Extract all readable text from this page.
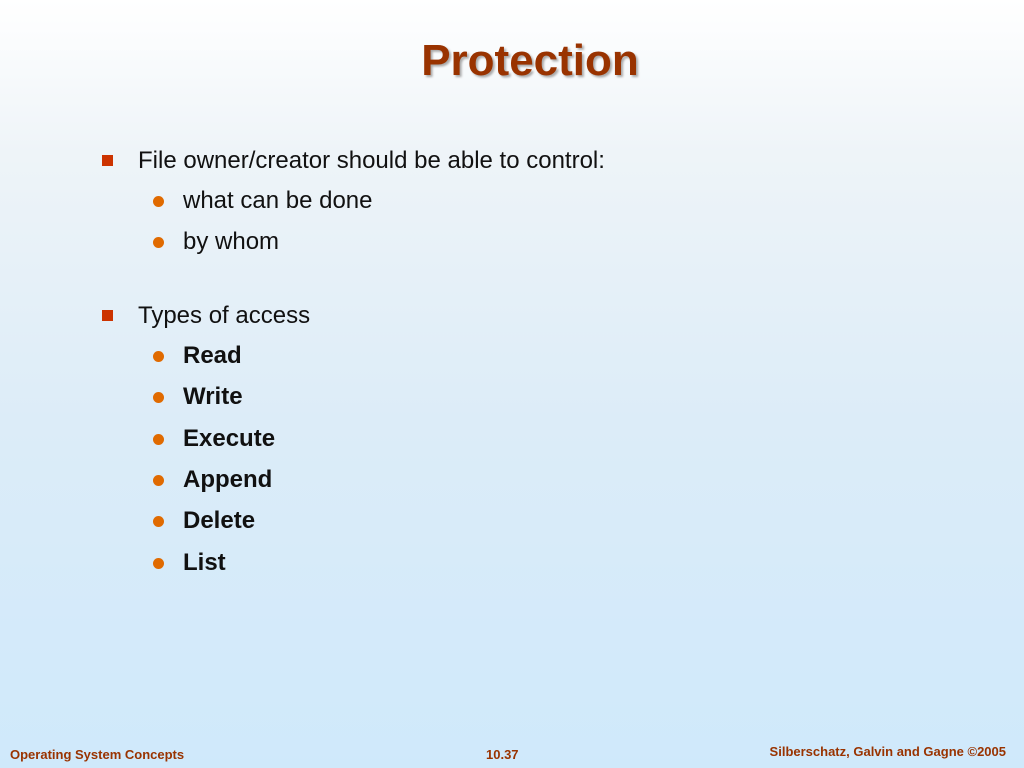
Protection
File owner/creator should be able to control:
what can be done
by whom
Types of access
Read
Write
Execute
Append
Delete
List
Operating System Concepts	10.37	Silberschatz, Galvin and Gagne ©2005
